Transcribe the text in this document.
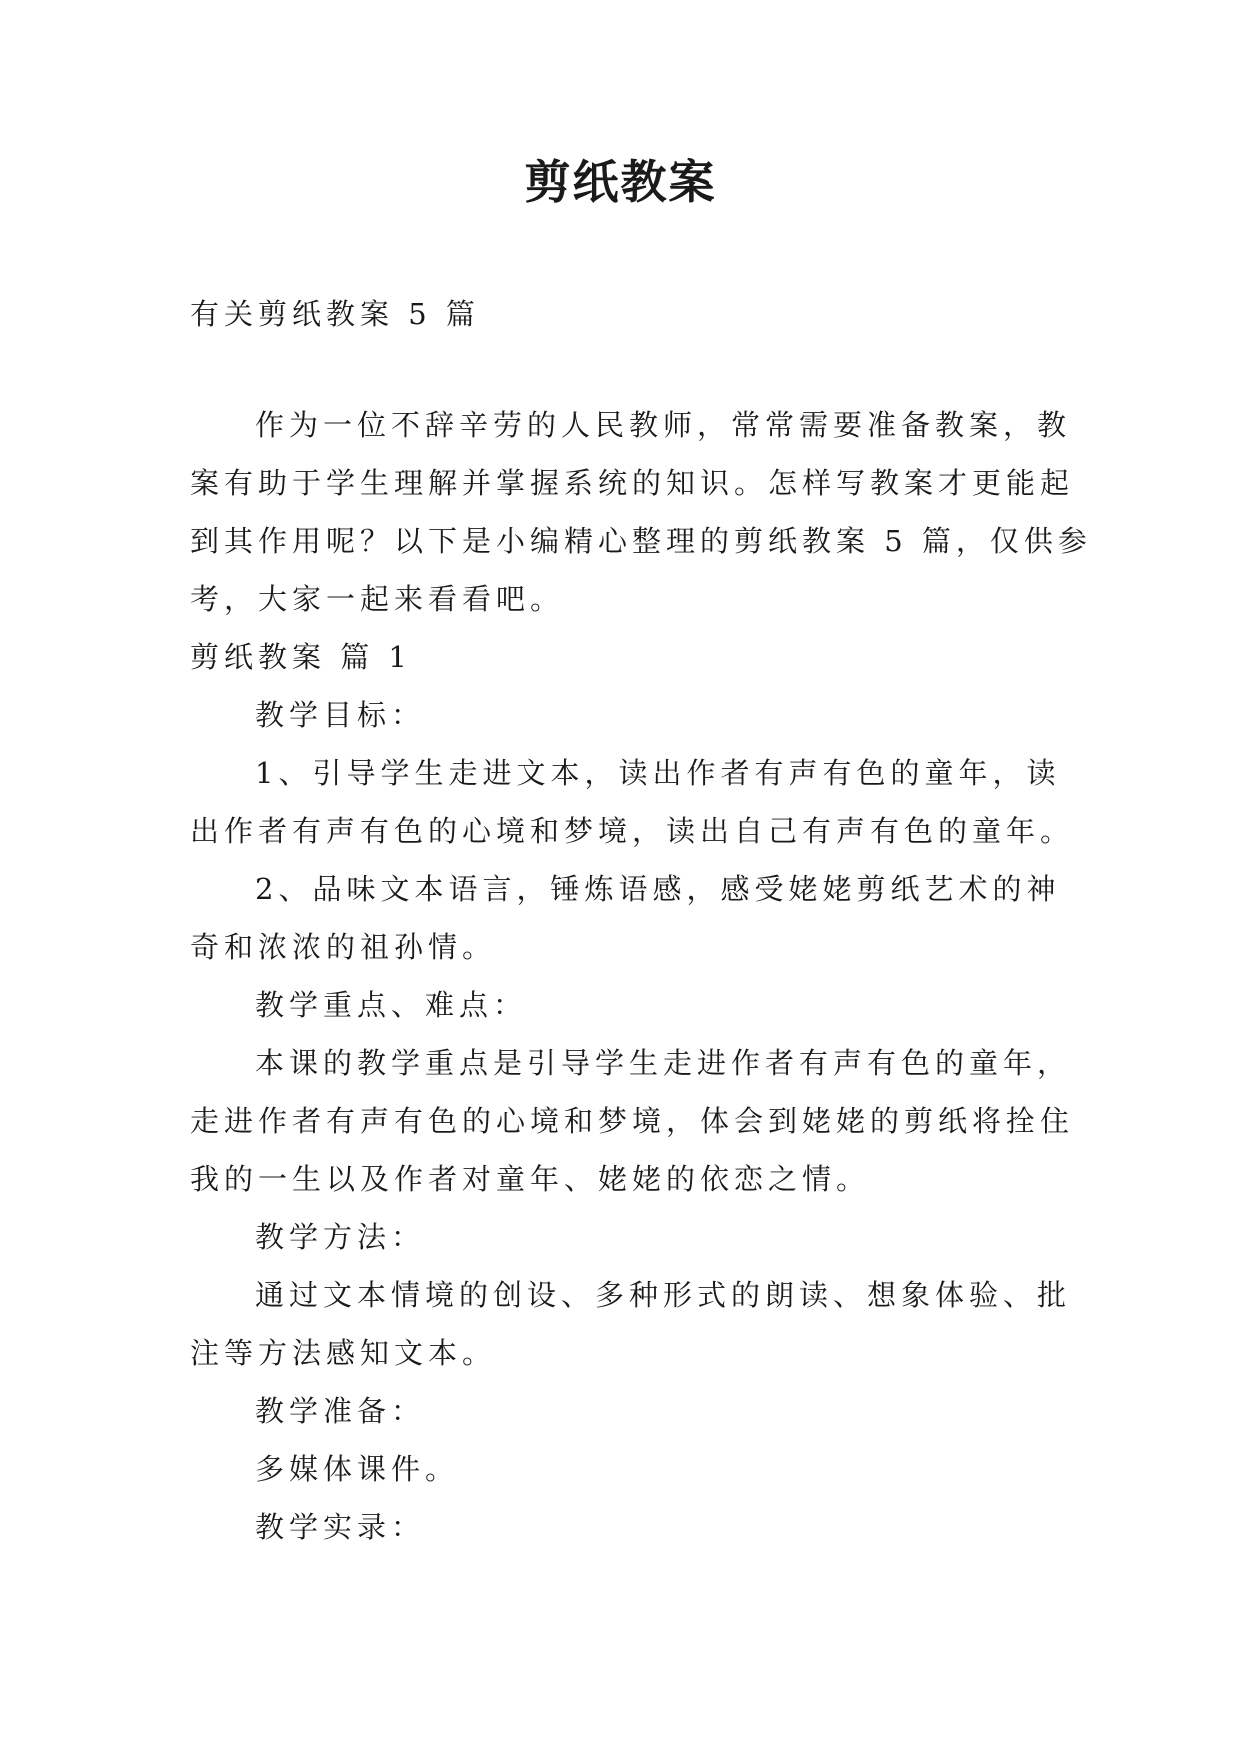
剪纸教案
有关剪纸教案 5 篇
作为一位不辞辛劳的人民教师，常常需要准备教案，教
案有助于学生理解并掌握系统的知识。怎样写教案才更能起
到其作用呢？以下是小编精心整理的剪纸教案 5 篇，仅供参
考，大家一起来看看吧。
剪纸教案 篇 1
教学目标：
1、引导学生走进文本，读出作者有声有色的童年，读
出作者有声有色的心境和梦境，读出自己有声有色的童年。
2、品味文本语言，锤炼语感，感受姥姥剪纸艺术的神
奇和浓浓的祖孙情。
教学重点、难点：
本课的教学重点是引导学生走进作者有声有色的童年，
走进作者有声有色的心境和梦境，体会到姥姥的剪纸将拴住
我的一生以及作者对童年、姥姥的依恋之情。
教学方法：
通过文本情境的创设、多种形式的朗读、想象体验、批
注等方法感知文本。
教学准备：
多媒体课件。
教学实录：
